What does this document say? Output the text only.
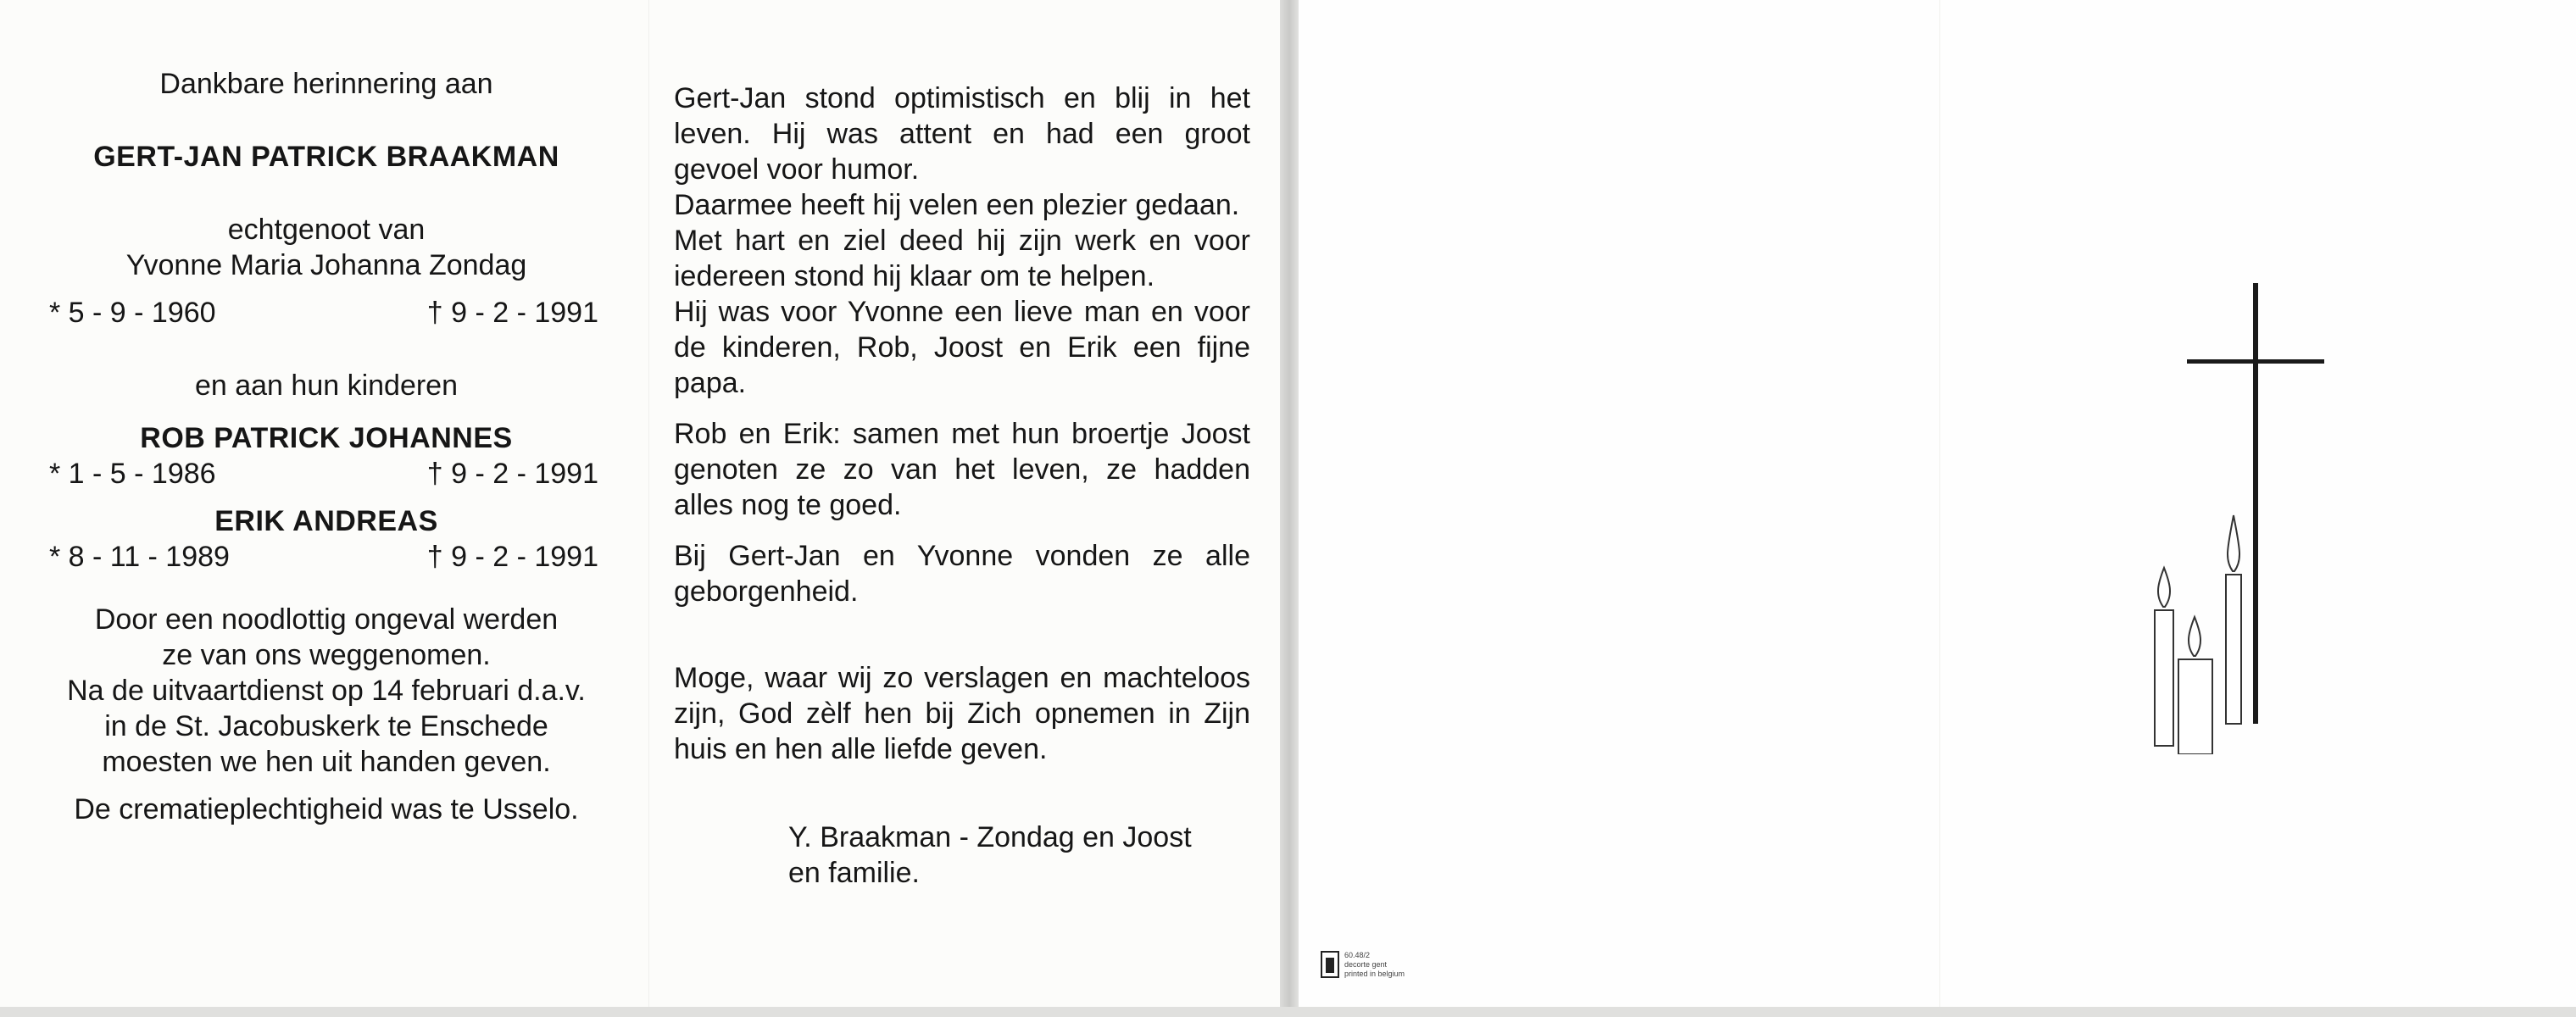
Dankbare herinnering aan
GERT-JAN PATRICK BRAAKMAN
echtgenoot van
Yvonne Maria Johanna Zondag
* 5 - 9 - 1960	† 9 - 2 - 1991
en aan hun kinderen
ROB PATRICK JOHANNES
* 1 - 5 - 1986	† 9 - 2 - 1991
ERIK ANDREAS
* 8 - 11 - 1989	† 9 - 2 - 1991
Door een noodlottig ongeval werden
ze van ons weggenomen.
Na de uitvaartdienst op 14 februari d.a.v.
in de St. Jacobuskerk te Enschede
moesten we hen uit handen geven.
De crematieplechtigheid was te Usselo.

Gert-Jan stond optimistisch en blij in het leven. Hij was attent en had een groot gevoel voor humor.

Daarmee heeft hij velen een plezier gedaan.

Met hart en ziel deed hij zijn werk en voor iedereen stond hij klaar om te helpen.

Hij was voor Yvonne een lieve man en voor de kinderen, Rob, Joost en Erik een fijne papa.

Rob en Erik: samen met hun broertje Joost genoten ze zo van het leven, ze hadden alles nog te goed.

Bij Gert-Jan en Yvonne vonden ze alle geborgenheid.

Moge, waar wij zo verslagen en machteloos zijn, God zèlf hen bij Zich opnemen in Zijn huis en hen alle liefde geven.

Y. Braakman - Zondag en Joost
en familie.

60.48/2
decorte gent
printed in belgium
